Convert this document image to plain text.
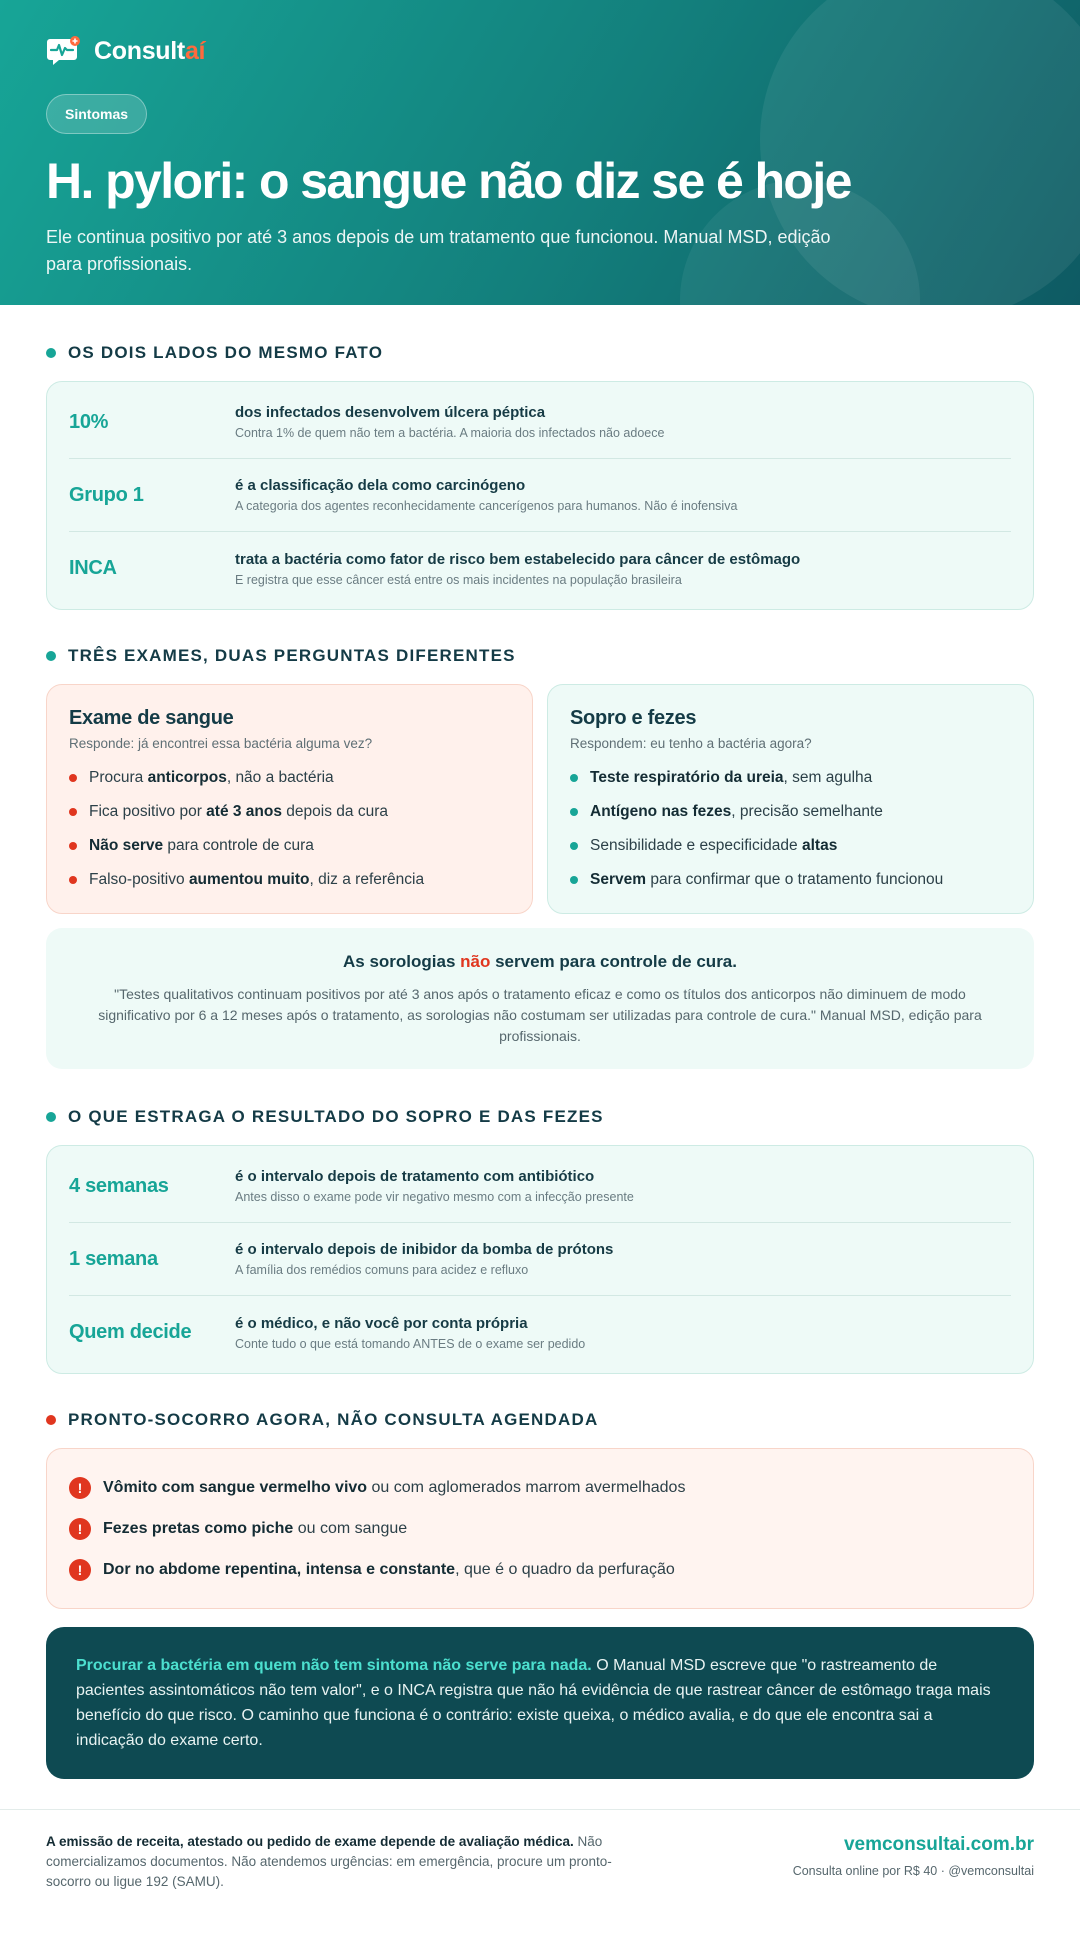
Consultaí
Sintomas
H. pylori: o sangue não diz se é hoje

Ele continua positivo por até 3 anos depois de um tratamento que funcionou. Manual MSD, edição para profissionais.

OS DOIS LADOS DO MESMO FATO
10%	dos infectados desenvolvem úlcera péptica
Contra 1% de quem não tem a bactéria. A maioria dos infectados não adoece
Grupo 1	é a classificação dela como carcinógeno
A categoria dos agentes reconhecidamente cancerígenos para humanos. Não é inofensiva
INCA	trata a bactéria como fator de risco bem estabelecido para câncer de estômago
E registra que esse câncer está entre os mais incidentes na população brasileira
TRÊS EXAMES, DUAS PERGUNTAS DIFERENTES
Exame de sangue
Responde: já encontrei essa bactéria alguma vez?
Procura anticorpos, não a bactéria
Fica positivo por até 3 anos depois da cura
Não serve para controle de cura
Falso-positivo aumentou muito, diz a referência
Sopro e fezes
Respondem: eu tenho a bactéria agora?
Teste respiratório da ureia, sem agulha
Antígeno nas fezes, precisão semelhante
Sensibilidade e especificidade altas
Servem para confirmar que o tratamento funcionou
As sorologias não servem para controle de cura.
"Testes qualitativos continuam positivos por até 3 anos após o tratamento eficaz e como os títulos dos anticorpos não diminuem de modo significativo por 6 a 12 meses após o tratamento, as sorologias não costumam ser utilizadas para controle de cura." Manual MSD, edição para profissionais.
O QUE ESTRAGA O RESULTADO DO SOPRO E DAS FEZES
4 semanas	é o intervalo depois de tratamento com antibiótico
Antes disso o exame pode vir negativo mesmo com a infecção presente
1 semana	é o intervalo depois de inibidor da bomba de prótons
A família dos remédios comuns para acidez e refluxo
Quem decide	é o médico, e não você por conta própria
Conte tudo o que está tomando ANTES de o exame ser pedido
PRONTO-SOCORRO AGORA, NÃO CONSULTA AGENDADA
!	Vômito com sangue vermelho vivo ou com aglomerados marrom avermelhados
!	Fezes pretas como piche ou com sangue
!	Dor no abdome repentina, intensa e constante, que é o quadro da perfuração
Procurar a bactéria em quem não tem sintoma não serve para nada. O Manual MSD escreve que "o rastreamento de pacientes assintomáticos não tem valor", e o INCA registra que não há evidência de que rastrear câncer de estômago traga mais benefício do que risco. O caminho que funciona é o contrário: existe queixa, o médico avalia, e do que ele encontra sai a indicação do exame certo.
A emissão de receita, atestado ou pedido de exame depende de avaliação médica. Não comercializamos documentos. Não atendemos urgências: em emergência, procure um pronto-socorro ou ligue 192 (SAMU).
vemconsultai.com.br
Consulta online por R$ 40 · @vemconsultai
